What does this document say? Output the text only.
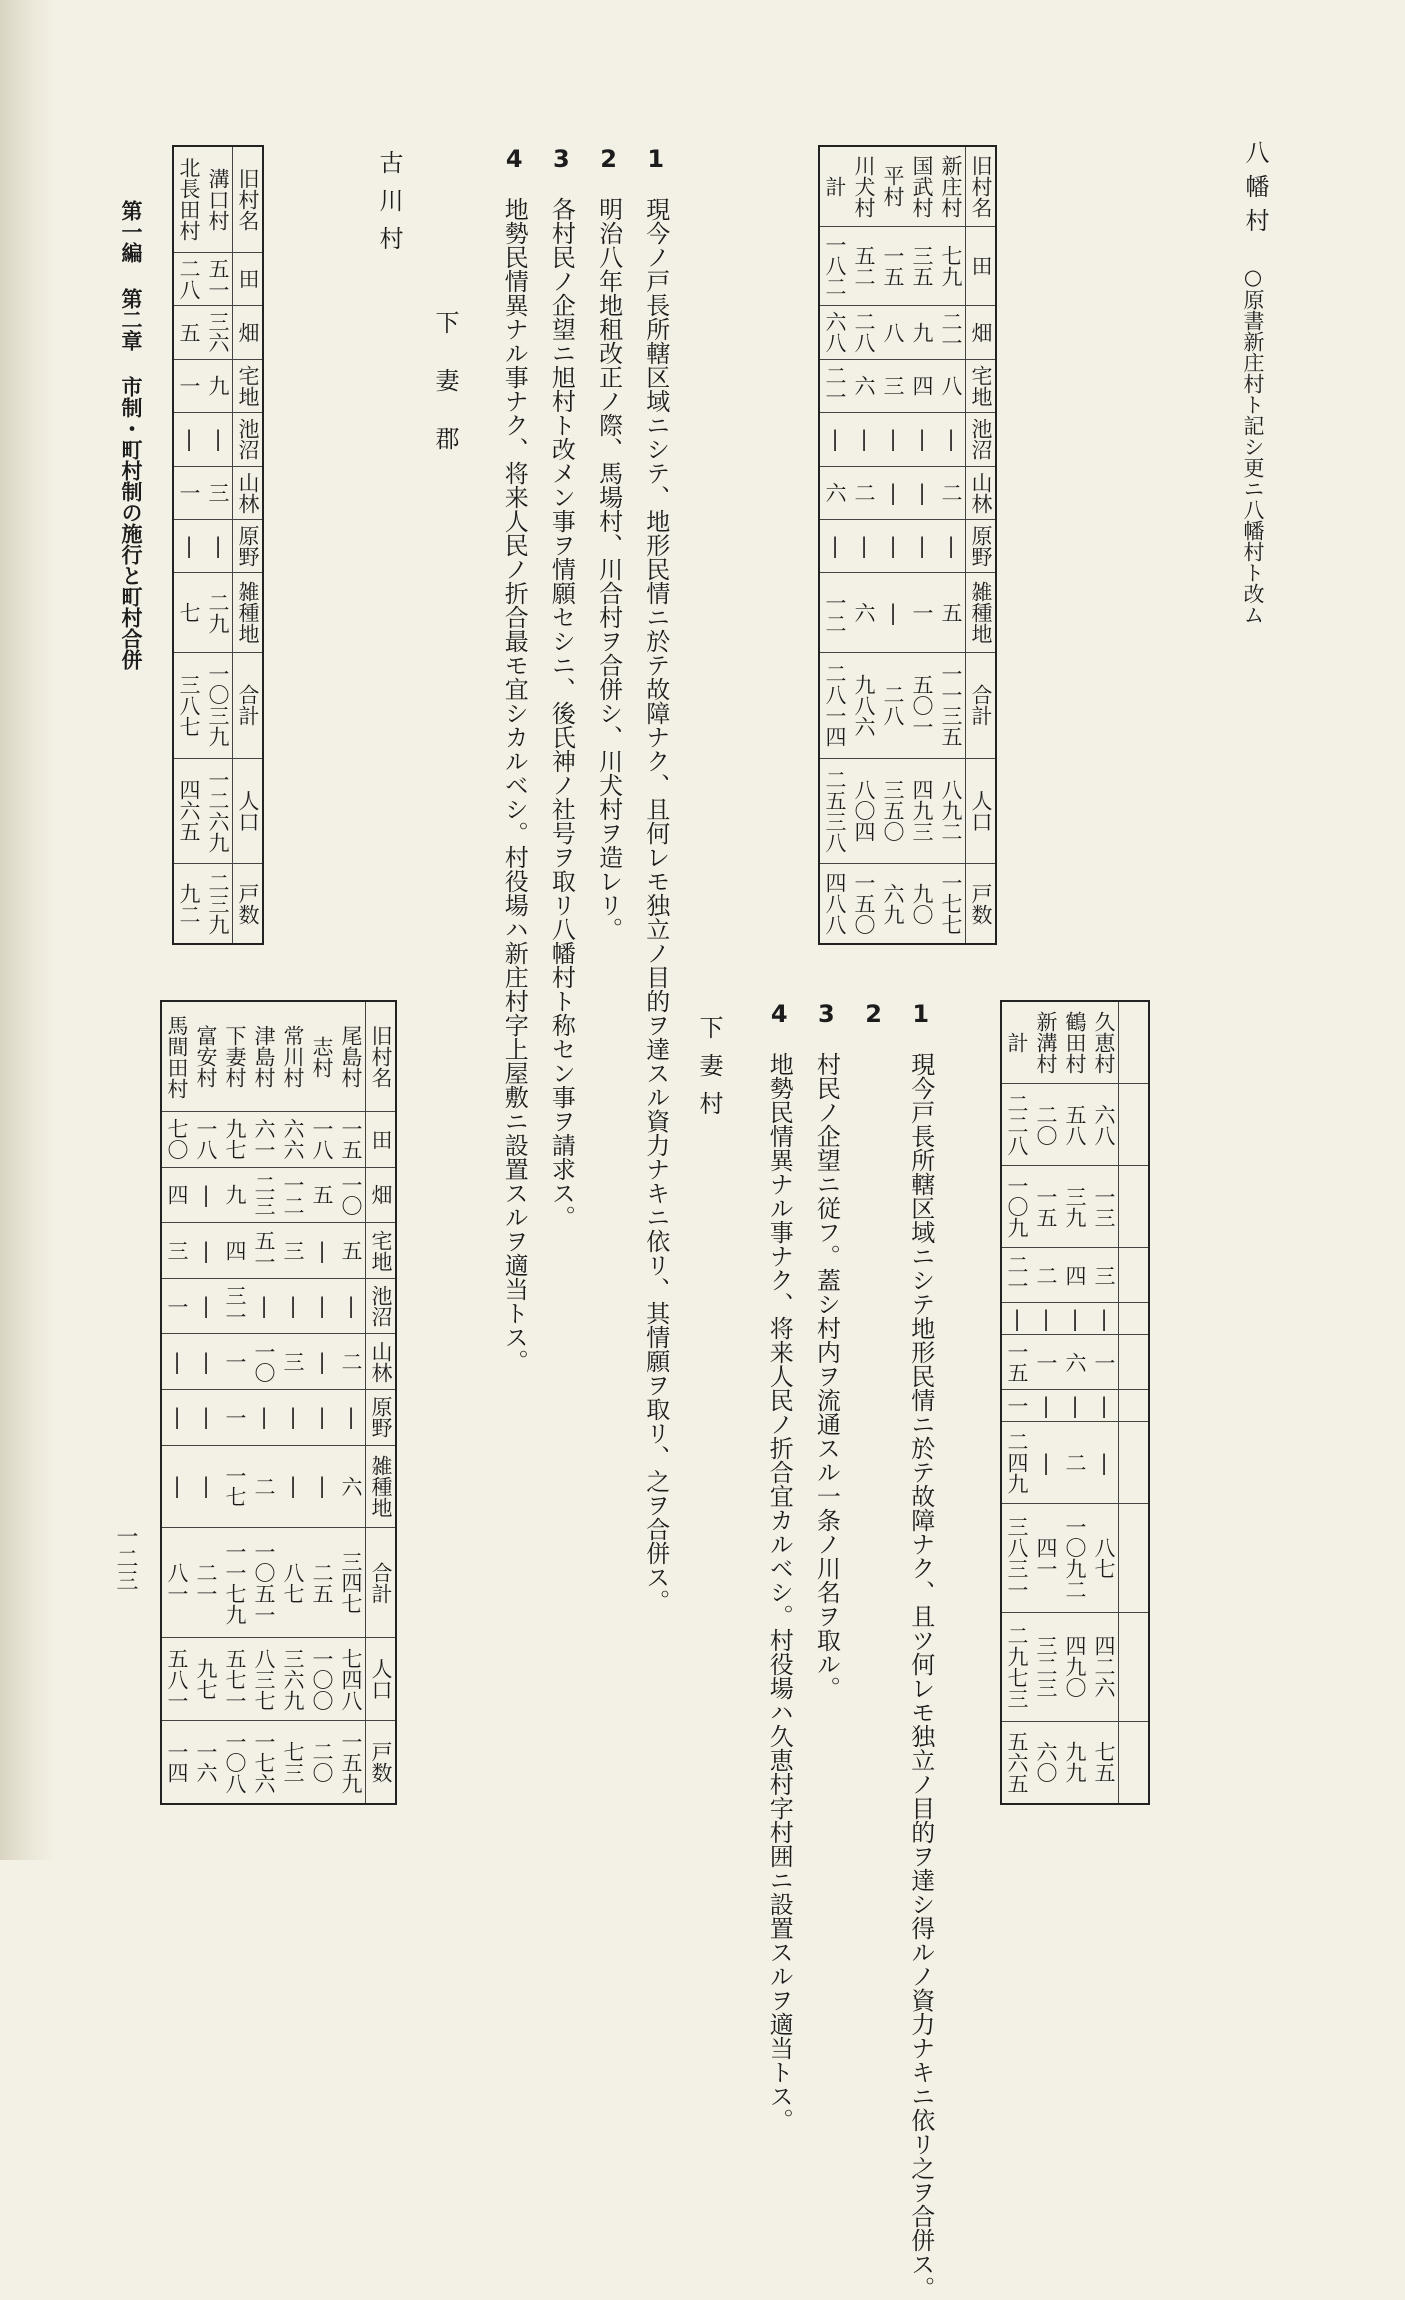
八幡村
○原書新庄村ト記シ更ニ八幡村ト改ム
旧村名	田	畑	宅地	池沼	山林	原野	雑種地	合計	人口	戸数
新庄村	七九	二一	八	|	二	|	五	一一三五	八九二	一七七
国武村	三五	九	四	|	|	|	一	五〇一	四九三	九〇
平村	一五	八	三	|	|	|	|	二八	三五〇	六九
川犬村	五二	二八	六	|	二	|	六	九八六	八〇四	一五〇
計	一八二	六八	二一	|	六	|	一二	二八一四	二五三八	四八八

1　現今ノ戸長所轄区域ニシテ、地形民情ニ於テ故障ナク、且何レモ独立ノ目的ヲ達スル資力ナキニ依リ、其情願ヲ取リ、之ヲ合併ス。

2　明治八年地租改正ノ際、馬場村、川合村ヲ合併シ、川犬村ヲ造レリ。

3　各村民ノ企望ニ旭村ト改メン事ヲ情願セシニ、後氏神ノ社号ヲ取リ八幡村ト称セン事ヲ請求ス。

4　地勢民情異ナル事ナク、将来人民ノ折合最モ宜シカルベシ。村役場ハ新庄村字上屋敷ニ設置スルヲ適当トス。

下妻郡
古川村
旧村名	田	畑	宅地	池沼	山林	原野	雑種地	合計	人口	戸数
溝口村	五一	三六	九	|	三	|	二九	一〇三九	一二六九	二三九
北長田村	二八	五	一	|	一	|	七	三八七	四六五	九二
第一編 第二章 市制・町村制の施行と町村合併

久恵村	六八	一三	三	|	一	|	|	八七	四二六	七五
鶴田村	五八	三九	四	|	六	|	二	一〇九二	四九〇	九九
新溝村	二〇	一五	二	|	一	|	|	四一	三二三	六〇
計	二二八	一〇九	二一	|	一五	一	二四九	三八三一	二九七三	五六五

1　現今戸長所轄区域ニシテ地形民情ニ於テ故障ナク、且ツ何レモ独立ノ目的ヲ達シ得ルノ資力ナキニ依リ之ヲ合併ス。

2

3　村民ノ企望ニ従フ。蓋シ村内ヲ流通スル一条ノ川名ヲ取ル。

4　地勢民情異ナル事ナク、将来人民ノ折合宜カルベシ。村役場ハ久恵村字村囲ニ設置スルヲ適当トス。

下妻村
旧村名	田	畑	宅地	池沼	山林	原野	雑種地	合計	人口	戸数
尾島村	一五	一〇	五	|	二	|	六	三四七	七四八	一五九
志村	一八	五	|	|	|	|	|	二五	一〇〇	二〇
常川村	六六	一二	三	|	三	|	|	八七	三六九	七三
津島村	六一	二三	五一	|	一〇	|	二	一〇五一	八三七	一七六
下妻村	九七	九	四	三一	一	一	一七	一一七九	五七一	一〇八
富安村	一八	|	|	|	|	|	|	二一	九七	一六
馬間田村	七〇	四	三	一	|	|	|	八一	五八一	一四
一二三
